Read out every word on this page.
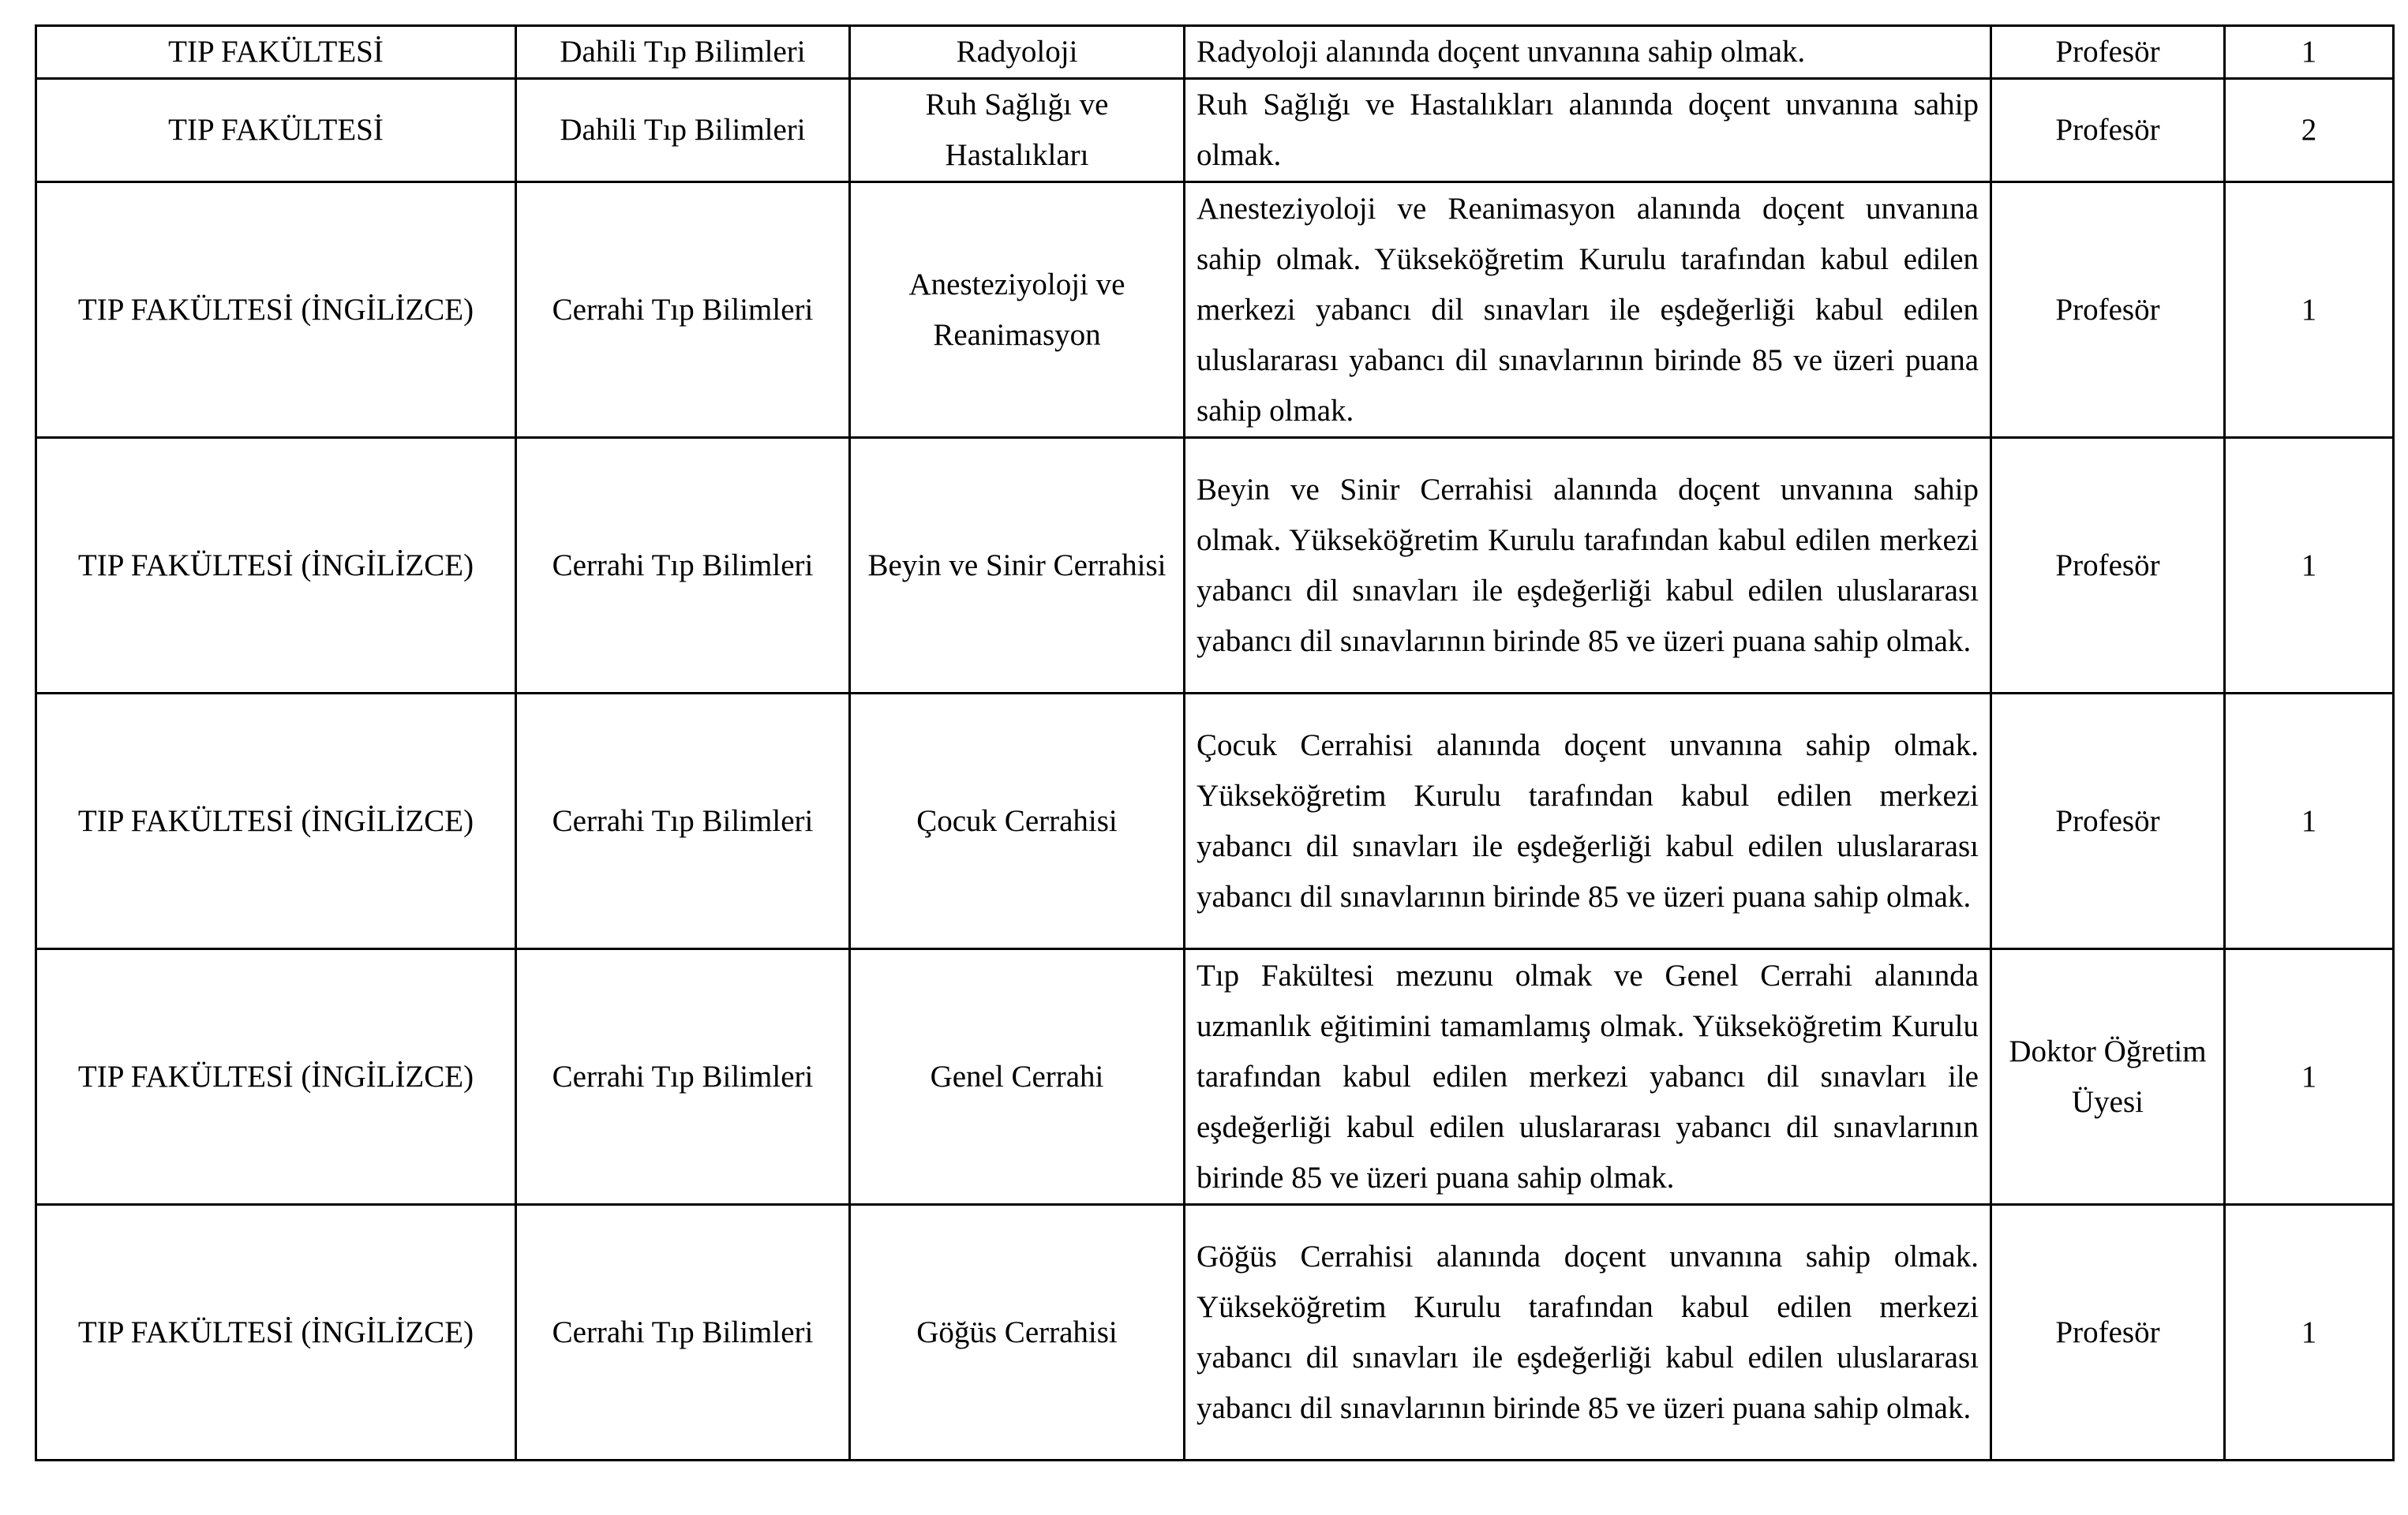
TIP FAKÜLTESİ	Dahili Tıp Bilimleri	Radyoloji	Radyoloji alanında doçent unvanına sahip olmak.	Profesör	1
TIP FAKÜLTESİ	Dahili Tıp Bilimleri	Ruh Sağlığı ve Hastalıkları	Ruh Sağlığı ve Hastalıkları alanında doçent unvanına sahip olmak.	Profesör	2
TIP FAKÜLTESİ (İNGİLİZCE)	Cerrahi Tıp Bilimleri	Anesteziyoloji ve Reanimasyon	Anesteziyoloji ve Reanimasyon alanında doçent unvanına sahip olmak. Yükseköğretim Kurulu tarafından kabul edilen merkezi yabancı dil sınavları ile eşdeğerliği kabul edilen uluslararası yabancı dil sınavlarının birinde 85 ve üzeri puana sahip olmak.	Profesör	1
TIP FAKÜLTESİ (İNGİLİZCE)	Cerrahi Tıp Bilimleri	Beyin ve Sinir Cerrahisi	Beyin ve Sinir Cerrahisi alanında doçent unvanına sahip olmak. Yükseköğretim Kurulu tarafından kabul edilen merkezi yabancı dil sınavları ile eşdeğerliği kabul edilen uluslararası yabancı dil sınavlarının birinde 85 ve üzeri puana sahip olmak.	Profesör	1
TIP FAKÜLTESİ (İNGİLİZCE)	Cerrahi Tıp Bilimleri	Çocuk Cerrahisi	Çocuk Cerrahisi alanında doçent unvanına sahip olmak. Yükseköğretim Kurulu tarafından kabul edilen merkezi yabancı dil sınavları ile eşdeğerliği kabul edilen uluslararası yabancı dil sınavlarının birinde 85 ve üzeri puana sahip olmak.	Profesör	1
TIP FAKÜLTESİ (İNGİLİZCE)	Cerrahi Tıp Bilimleri	Genel Cerrahi	Tıp Fakültesi mezunu olmak ve Genel Cerrahi alanında uzmanlık eğitimini tamamlamış olmak. Yükseköğretim Kurulu tarafından kabul edilen merkezi yabancı dil sınavları ile eşdeğerliği kabul edilen uluslararası yabancı dil sınavlarının birinde 85 ve üzeri puana sahip olmak.	Doktor Öğretim Üyesi	1
TIP FAKÜLTESİ (İNGİLİZCE)	Cerrahi Tıp Bilimleri	Göğüs Cerrahisi	Göğüs Cerrahisi alanında doçent unvanına sahip olmak. Yükseköğretim Kurulu tarafından kabul edilen merkezi yabancı dil sınavları ile eşdeğerliği kabul edilen uluslararası yabancı dil sınavlarının birinde 85 ve üzeri puana sahip olmak.	Profesör	1
